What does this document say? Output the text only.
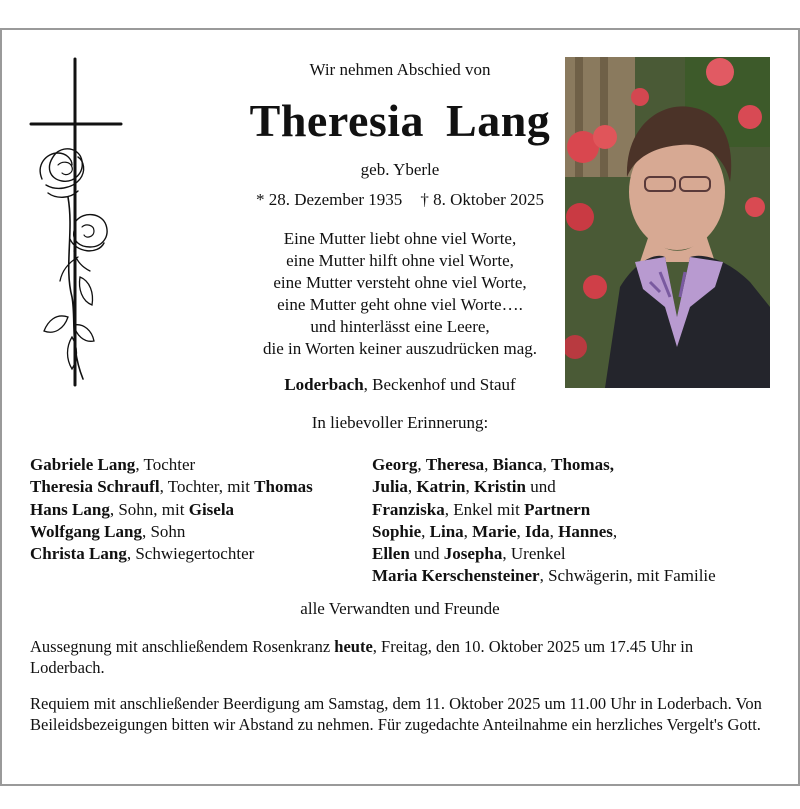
Wir nehmen Abschied von
Theresia Lang
geb. Yberle
* 28. Dezember 1935 † 8. Oktober 2025
Eine Mutter liebt ohne viel Worte,
eine Mutter hilft ohne viel Worte,
eine Mutter versteht ohne viel Worte,
eine Mutter geht ohne viel Worte….
und hinterlässt eine Leere,
die in Worten keiner auszudrücken mag.
Loderbach, Beckenhof und Stauf
In liebevoller Erinnerung:
Gabriele Lang, Tochter
Theresia Schraufl, Tochter, mit Thomas
Hans Lang, Sohn, mit Gisela
Wolfgang Lang, Sohn
Christa Lang, Schwiegertochter
Georg, Theresa, Bianca, Thomas,
Julia, Katrin, Kristin und
Franziska, Enkel mit Partnern
Sophie, Lina, Marie, Ida, Hannes,
Ellen und Josepha, Urenkel
Maria Kerschensteiner, Schwägerin, mit Familie
alle Verwandten und Freunde
Aussegnung mit anschließendem Rosenkranz heute, Freitag, den 10. Oktober 2025 um 17.45 Uhr in Loderbach.
Requiem mit anschließender Beerdigung am Samstag, dem 11. Oktober 2025 um 11.00 Uhr in Loderbach. Von Beileidsbezeigungen bitten wir Abstand zu nehmen. Für zugedachte Anteilnahme ein herzliches Vergelt's Gott.
